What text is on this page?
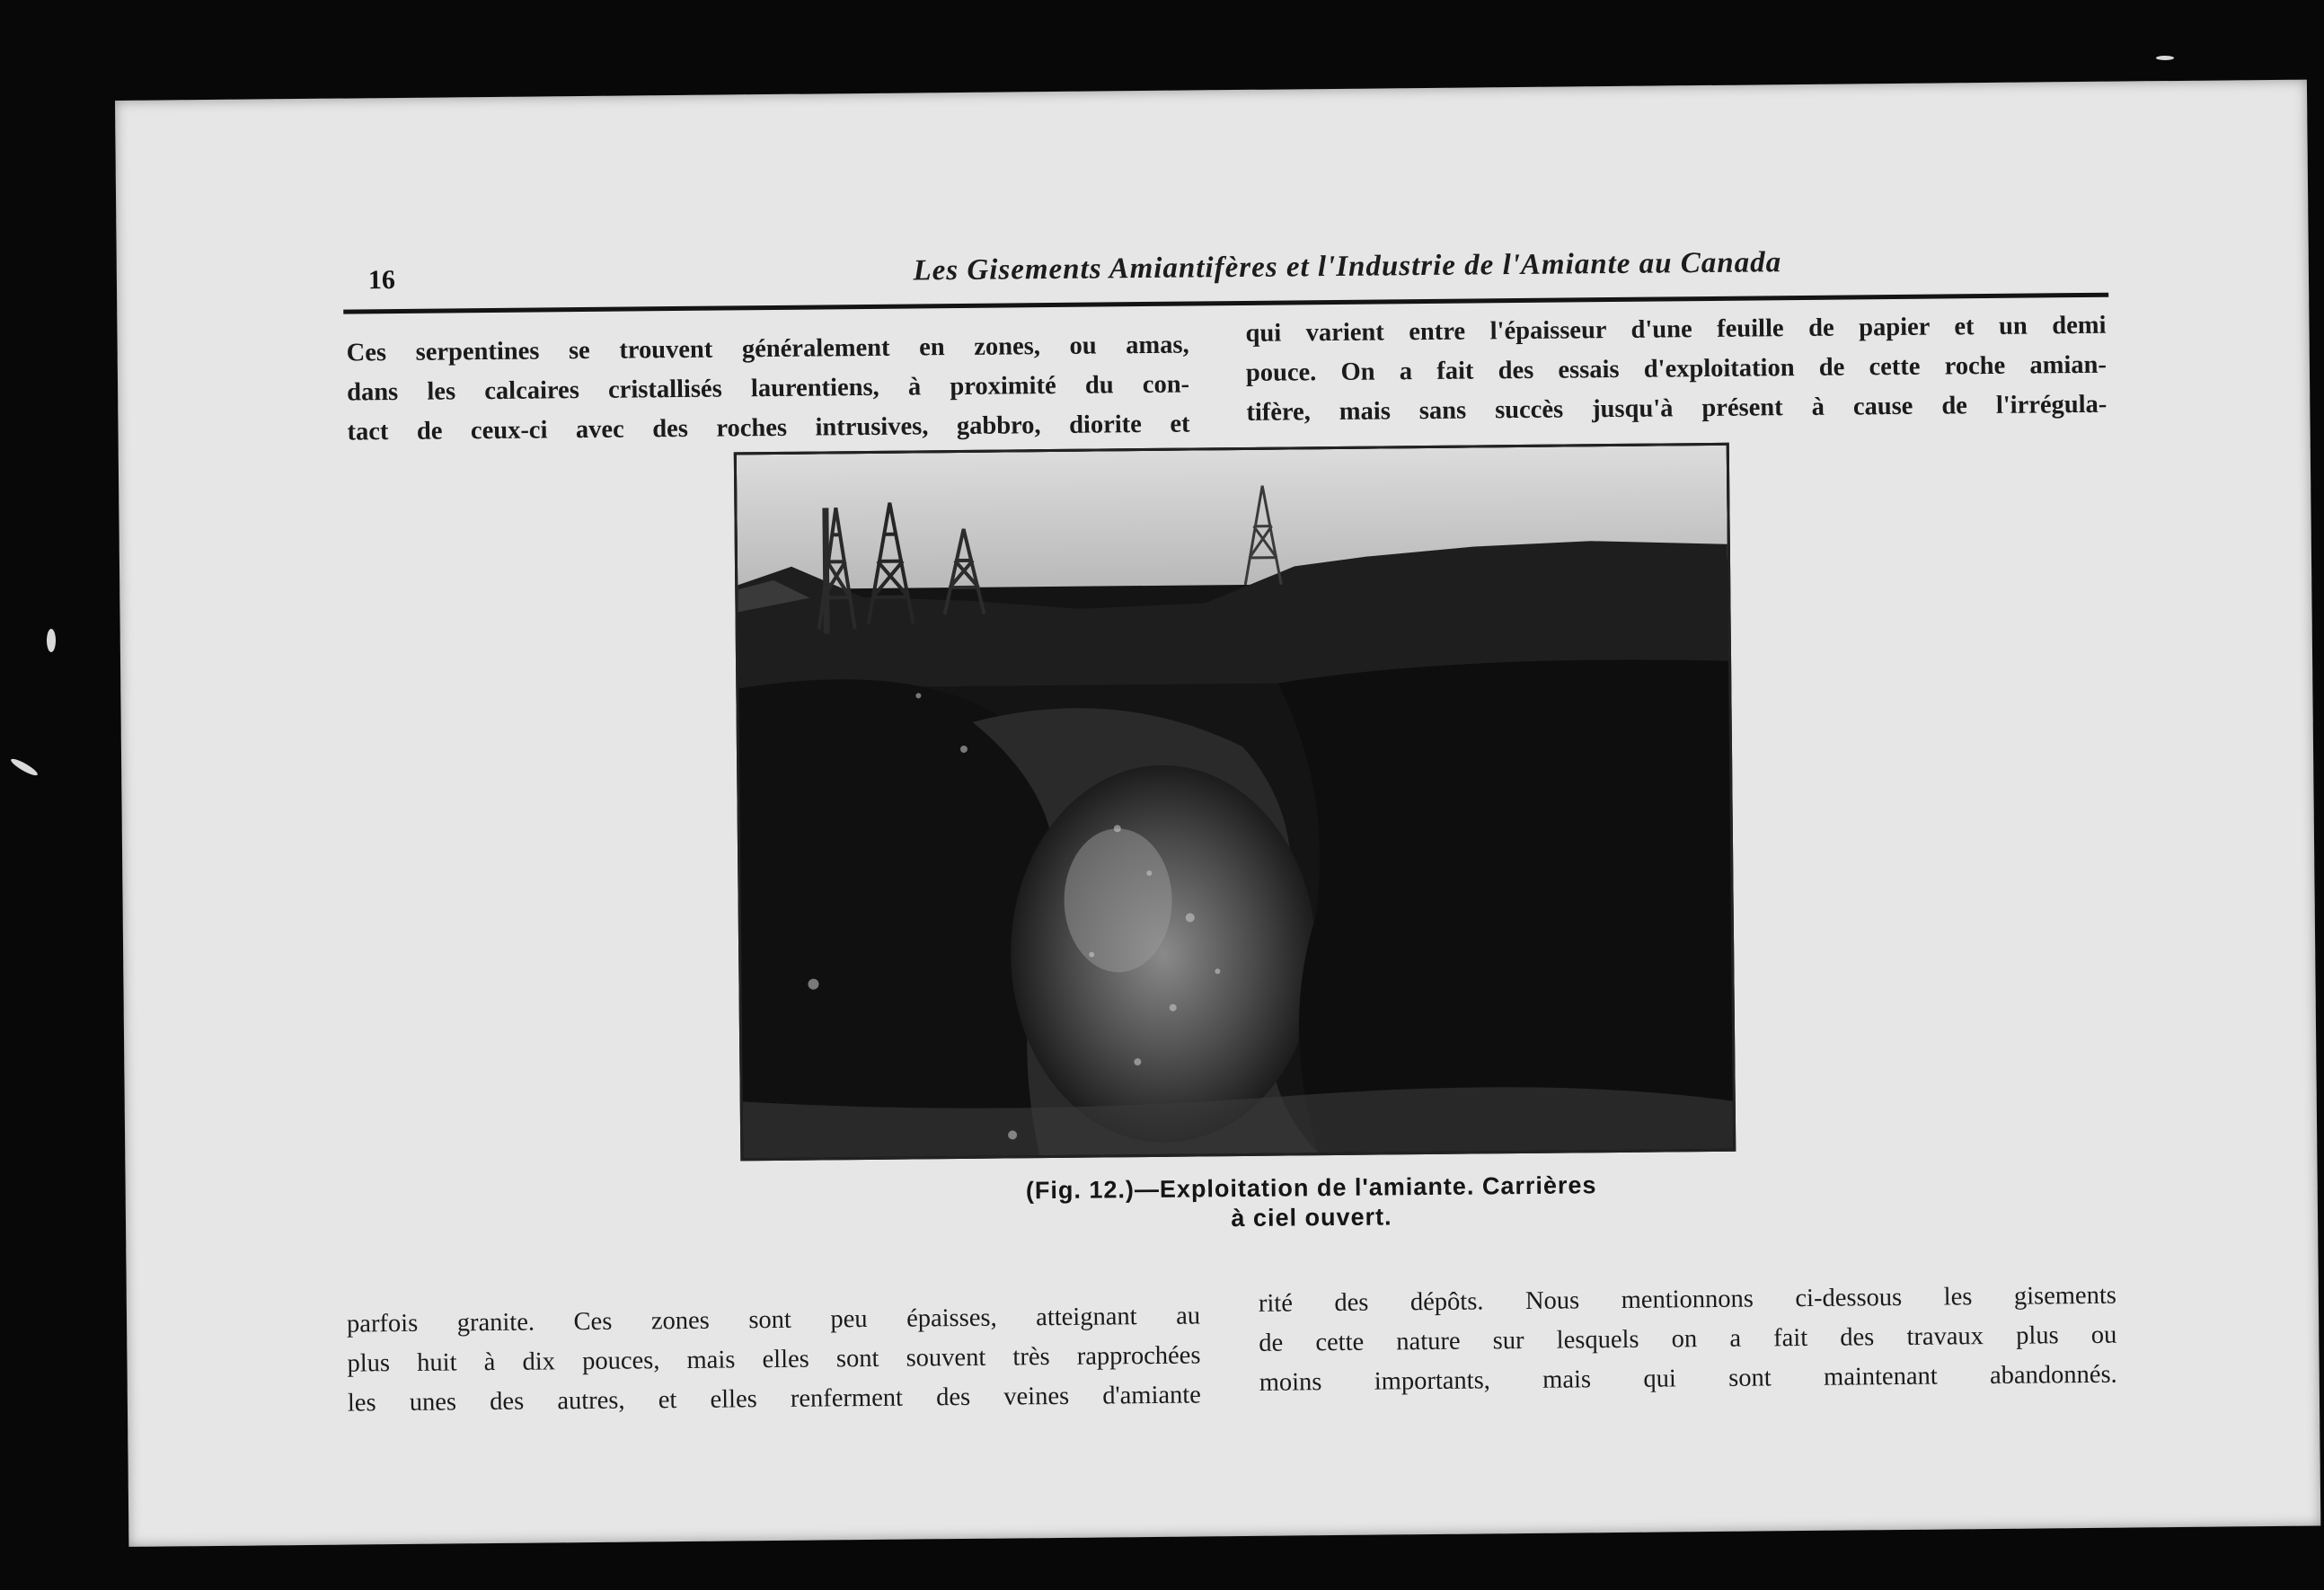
16	Les Gisements Amiantifères et l'Industrie de l'Amiante au Canada
Ces serpentines se trouvent généralement en zones, ou amas,
dans les calcaires cristallisés laurentiens, à proximité du con-
tact de ceux-ci avec des roches intrusives, gabbro, diorite et
qui varient entre l'épaisseur d'une feuille de papier et un demi
pouce. On a fait des essais d'exploitation de cette roche amian-
tifère, mais sans succès jusqu'à présent à cause de l'irrégula-
(Fig. 12.)—Exploitation de l'amiante. Carrières
à ciel ouvert.
parfois granite. Ces zones sont peu épaisses, atteignant au
plus huit à dix pouces, mais elles sont souvent très rapprochées
les unes des autres, et elles renferment des veines d'amiante
rité des dépôts. Nous mentionnons ci-dessous les gisements
de cette nature sur lesquels on a fait des travaux plus ou
moins importants, mais qui sont maintenant abandonnés.
